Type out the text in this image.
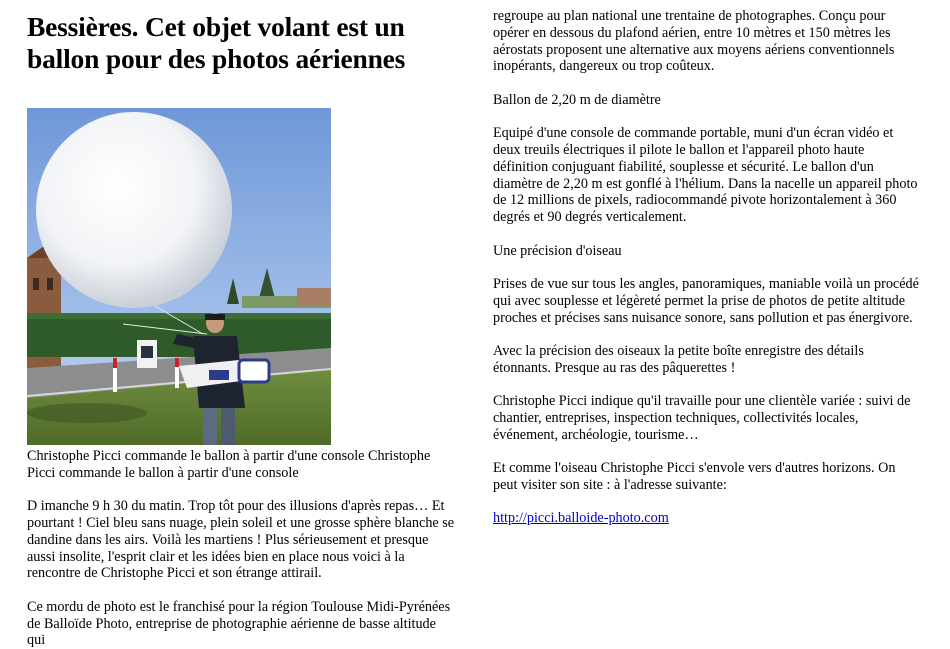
Bessières. Cet objet volant est un ballon pour des photos aériennes
Christophe Picci commande le ballon à partir d'une console Christophe Picci commande le ballon à partir d'une console

D imanche 9 h 30 du matin. Trop tôt pour des illusions d'après repas… Et pourtant ! Ciel bleu sans nuage, plein soleil et une grosse sphère blanche se dandine dans les airs. Voilà les martiens ! Plus sérieusement et presque aussi insolite, l'esprit clair et les idées bien en place nous voici à la rencontre de Christophe Picci et son étrange attirail.

Ce mordu de photo est le franchisé pour la région Toulouse Midi-Pyrénées de Balloïde Photo, entreprise de photographie aérienne de basse altitude qui

regroupe au plan national une trentaine de photographes. Conçu pour opérer en dessous du plafond aérien, entre 10 mètres et 150 mètres les aérostats proposent une alternative aux moyens aériens conventionnels inopérants, dangereux ou trop coûteux.

Ballon de 2,20 m de diamètre

Equipé d'une console de commande portable, muni d'un écran vidéo et deux treuils électriques il pilote le ballon et l'appareil photo haute définition conjuguant fiabilité, souplesse et sécurité. Le ballon d'un diamètre de 2,20 m est gonflé à l'hélium. Dans la nacelle un appareil photo de 12 millions de pixels, radiocommandé pivote horizontalement à 360 degrés et 90 degrés verticalement.

Une précision d'oiseau

Prises de vue sur tous les angles, panoramiques, maniable voilà un procédé qui avec souplesse et légèreté permet la prise de photos de petite altitude proches et précises sans nuisance sonore, sans pollution et pas énergivore.

Avec la précision des oiseaux la petite boîte enregistre des détails étonnants. Presque au ras des pâquerettes !

Christophe Picci indique qu'il travaille pour une clientèle variée : suivi de chantier, entreprises, inspection techniques, collectivités locales, événement, archéologie, tourisme…

Et comme l'oiseau Christophe Picci s'envole vers d'autres horizons. On peut visiter son site : à l'adresse suivante:

http://picci.balloide-photo.com
